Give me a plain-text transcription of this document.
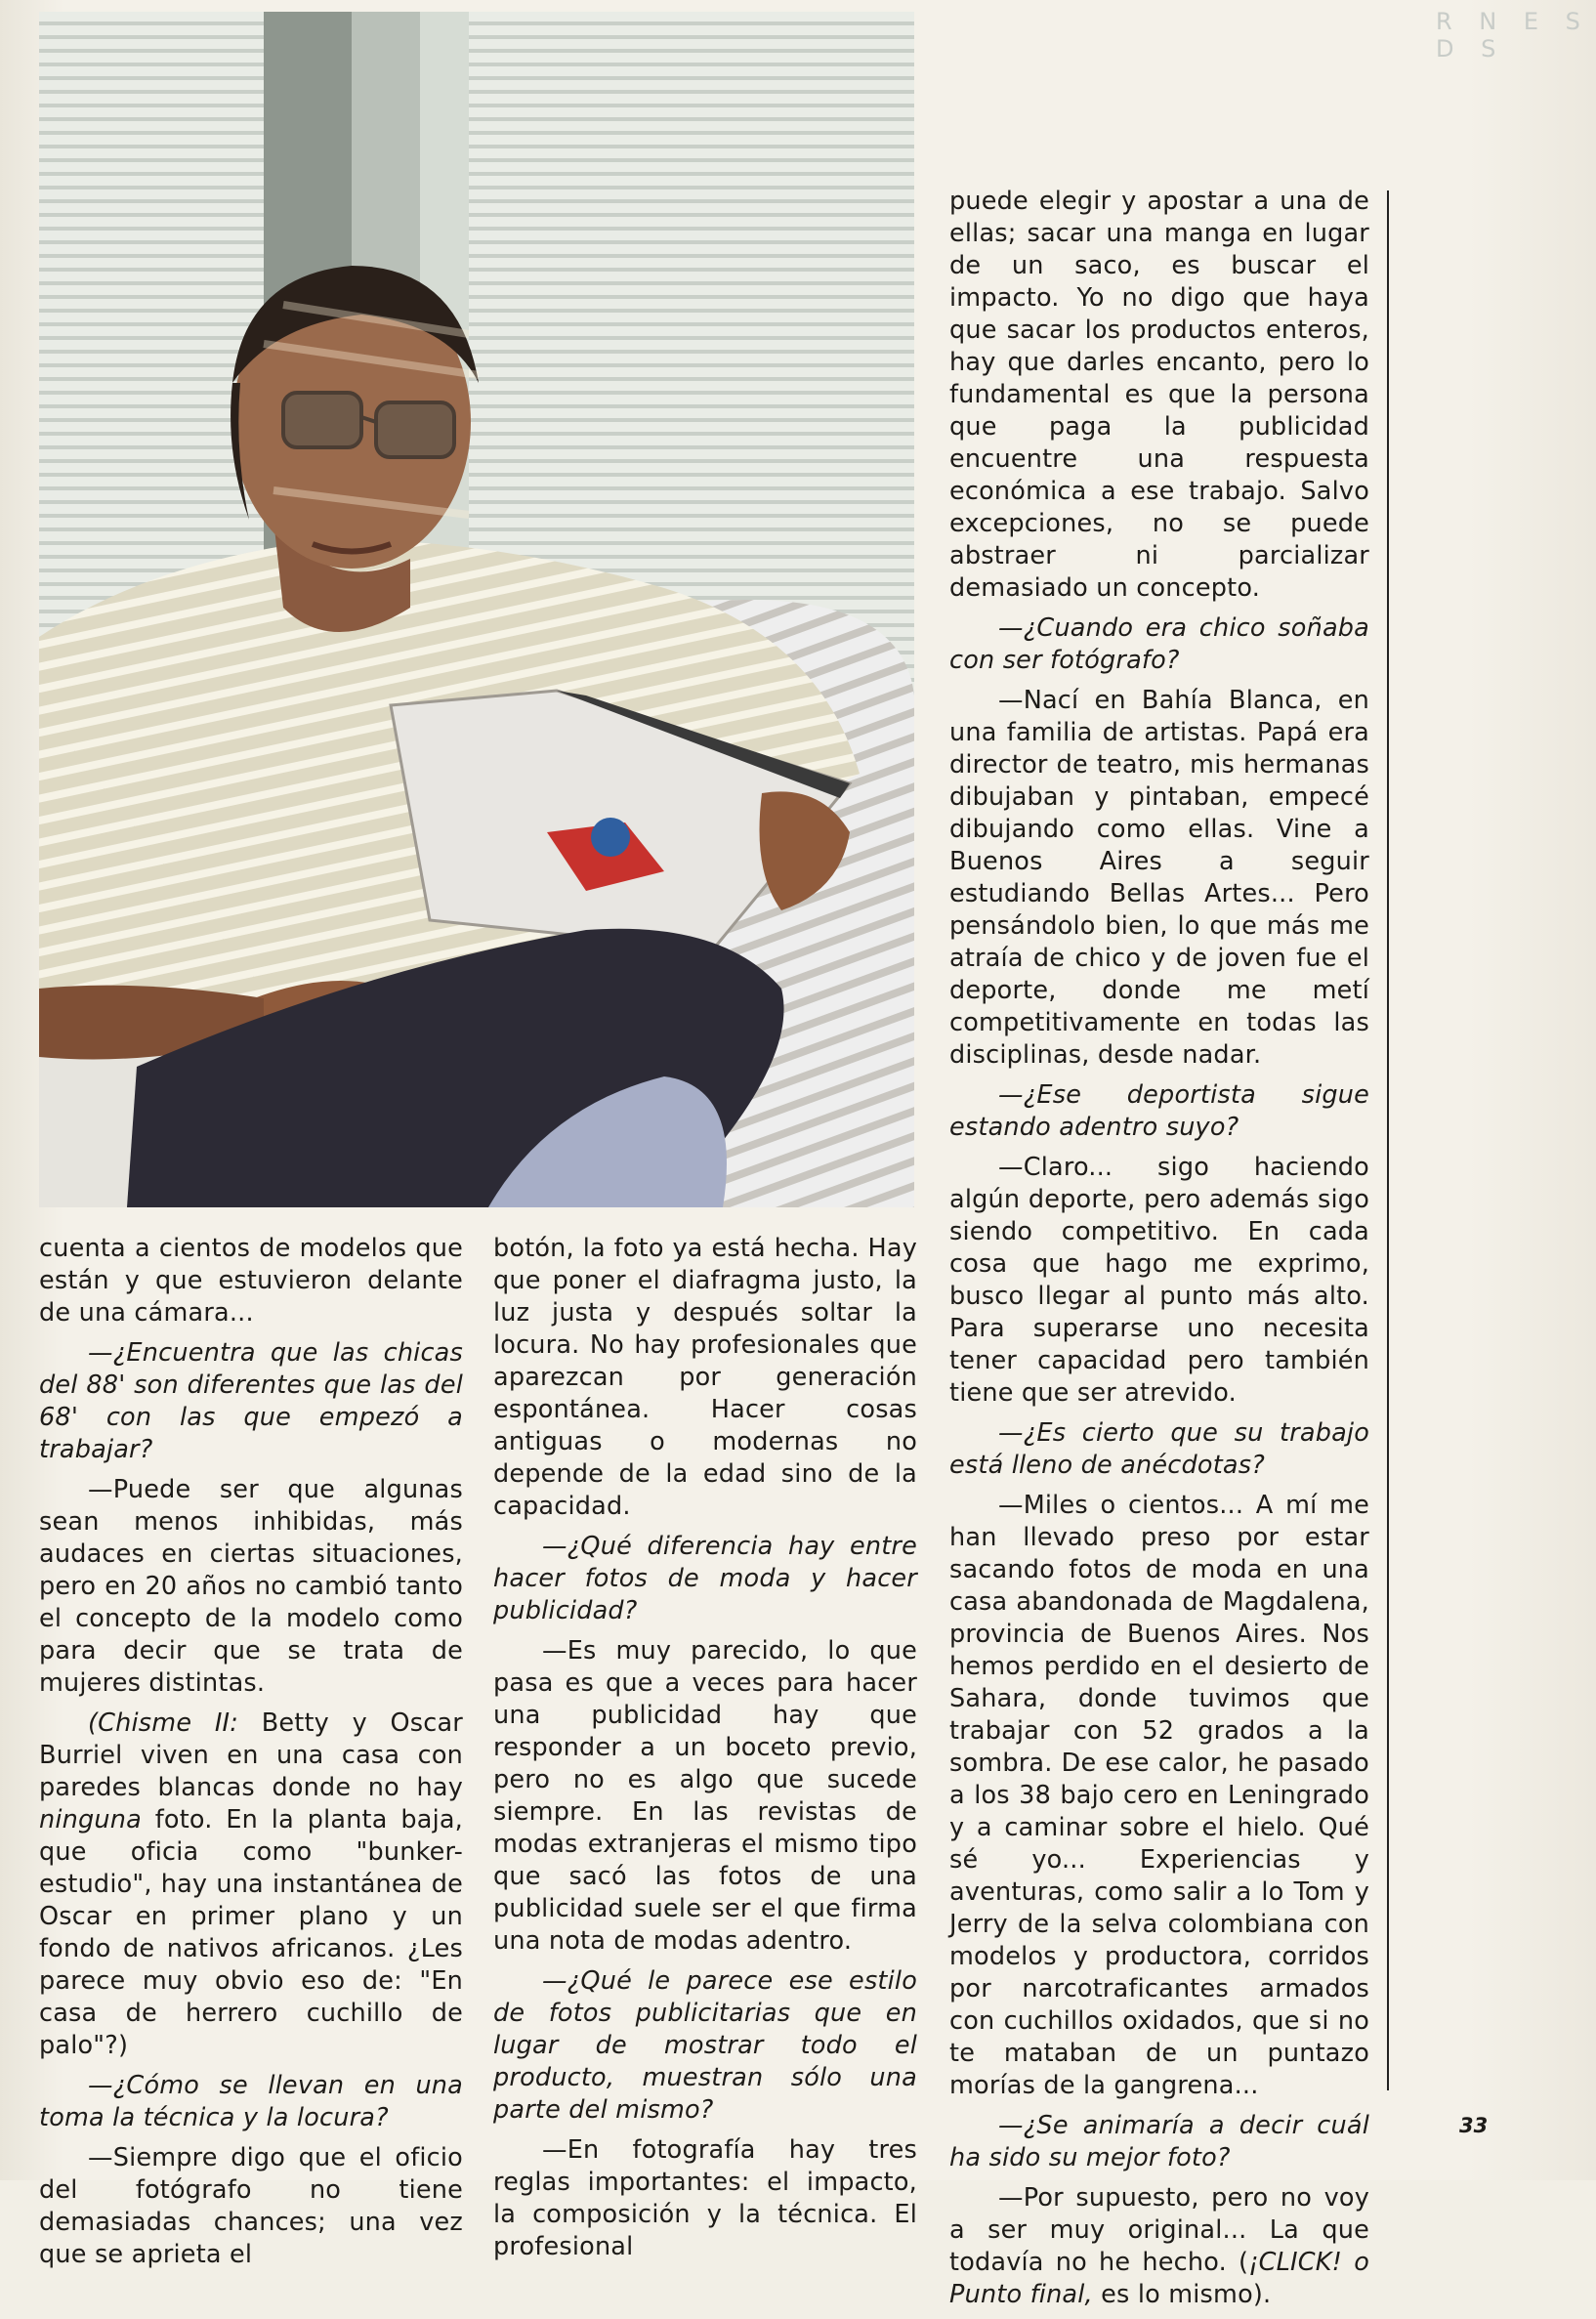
R N E S D S

cuenta a cientos de modelos que están y que estuvieron delante de una cámara...

—¿Encuentra que las chicas del 88' son diferentes que las del 68' con las que empezó a trabajar?

—Puede ser que algunas sean menos inhibidas, más audaces en ciertas situaciones, pero en 20 años no cambió tanto el concepto de la modelo como para decir que se trata de mujeres distintas.

(Chisme II: Betty y Oscar Burriel viven en una casa con paredes blancas donde no hay ninguna foto. En la planta baja, que oficia como "bunker-estudio", hay una instantánea de Oscar en primer plano y un fondo de nativos africanos. ¿Les parece muy obvio eso de: "En casa de herrero cuchillo de palo"?)

—¿Cómo se llevan en una toma la técnica y la locura?

—Siempre digo que el oficio del fotógrafo no tiene demasiadas chances; una vez que se aprieta el

botón, la foto ya está hecha. Hay que poner el diafragma justo, la luz justa y después soltar la locura. No hay profesionales que aparezcan por generación espontánea. Hacer cosas antiguas o modernas no depende de la edad sino de la capacidad.

—¿Qué diferencia hay entre hacer fotos de moda y hacer publicidad?

—Es muy parecido, lo que pasa es que a veces para hacer una publicidad hay que responder a un boceto previo, pero no es algo que sucede siempre. En las revistas de modas extranjeras el mismo tipo que sacó las fotos de una publicidad suele ser el que firma una nota de modas adentro.

—¿Qué le parece ese estilo de fotos publicitarias que en lugar de mostrar todo el producto, muestran sólo una parte del mismo?

—En fotografía hay tres reglas importantes: el impacto, la composición y la técnica. El profesional

puede elegir y apostar a una de ellas; sacar una manga en lugar de un saco, es buscar el impacto. Yo no digo que haya que sacar los productos enteros, hay que darles encanto, pero lo fundamental es que la persona que paga la publicidad encuentre una respuesta económica a ese trabajo. Salvo excepciones, no se puede abstraer ni parcializar demasiado un concepto.

—¿Cuando era chico soñaba con ser fotógrafo?

—Nací en Bahía Blanca, en una familia de artistas. Papá era director de teatro, mis hermanas dibujaban y pintaban, empecé dibujando como ellas. Vine a Buenos Aires a seguir estudiando Bellas Artes... Pero pensándolo bien, lo que más me atraía de chico y de joven fue el deporte, donde me metí competitivamente en todas las disciplinas, desde nadar.

—¿Ese deportista sigue estando adentro suyo?

—Claro... sigo haciendo algún deporte, pero además sigo siendo competitivo. En cada cosa que hago me exprimo, busco llegar al punto más alto. Para superarse uno necesita tener capacidad pero también tiene que ser atrevido.

—¿Es cierto que su trabajo está lleno de anécdotas?

—Miles o cientos... A mí me han llevado preso por estar sacando fotos de moda en una casa abandonada de Magdalena, provincia de Buenos Aires. Nos hemos perdido en el desierto de Sahara, donde tuvimos que trabajar con 52 grados a la sombra. De ese calor, he pasado a los 38 bajo cero en Leningrado y a caminar sobre el hielo. Qué sé yo... Experiencias y aventuras, como salir a lo Tom y Jerry de la selva colombiana con modelos y productora, corridos por narcotraficantes armados con cuchillos oxidados, que si no te mataban de un puntazo morías de la gangrena...

—¿Se animaría a decir cuál ha sido su mejor foto?

—Por supuesto, pero no voy a ser muy original... La que todavía no he hecho. (¡CLICK! o Punto final, es lo mismo).

33
